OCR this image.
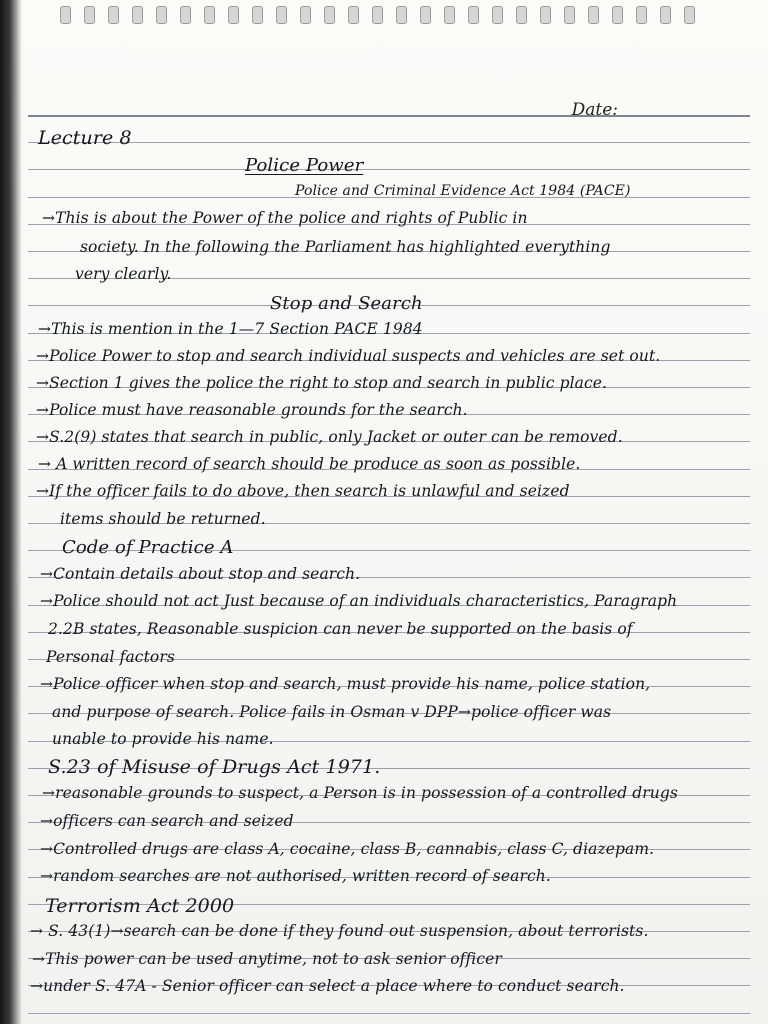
Date:
Lecture 8
Police Power
Police and Criminal Evidence Act 1984 (PACE)
→This is about the Power of the police and rights of Public in
society. In the following the Parliament has highlighted everything
very clearly.
Stop and Search
→This is mention in the 1—7 Section PACE 1984
→Police Power to stop and search individual suspects and vehicles are set out.
→Section 1 gives the police the right to stop and search in public place.
→Police must have reasonable grounds for the search.
→S.2(9) states that search in public, only Jacket or outer can be removed.
→ A written record of search should be produce as soon as possible.
→If the officer fails to do above, then search is unlawful and seized
items should be returned.
Code of Practice A
→Contain details about stop and search.
→Police should not act Just because of an individuals characteristics, Paragraph
2.2B states, Reasonable suspicion can never be supported on the basis of
Personal factors
→Police officer when stop and search, must provide his name, police station,
and purpose of search. Police fails in Osman v DPP→police officer was
unable to provide his name.
S.23 of Misuse of Drugs Act 1971.
→reasonable grounds to suspect, a Person is in possession of a controlled drugs
→officers can search and seized
→Controlled drugs are class A, cocaine, class B, cannabis, class C, diazepam.
→random searches are not authorised, written record of search.
Terrorism Act 2000
→ S. 43(1)→search can be done if they found out suspension, about terrorists.
→This power can be used anytime, not to ask senior officer
→under S. 47A - Senior officer can select a place where to conduct search.
